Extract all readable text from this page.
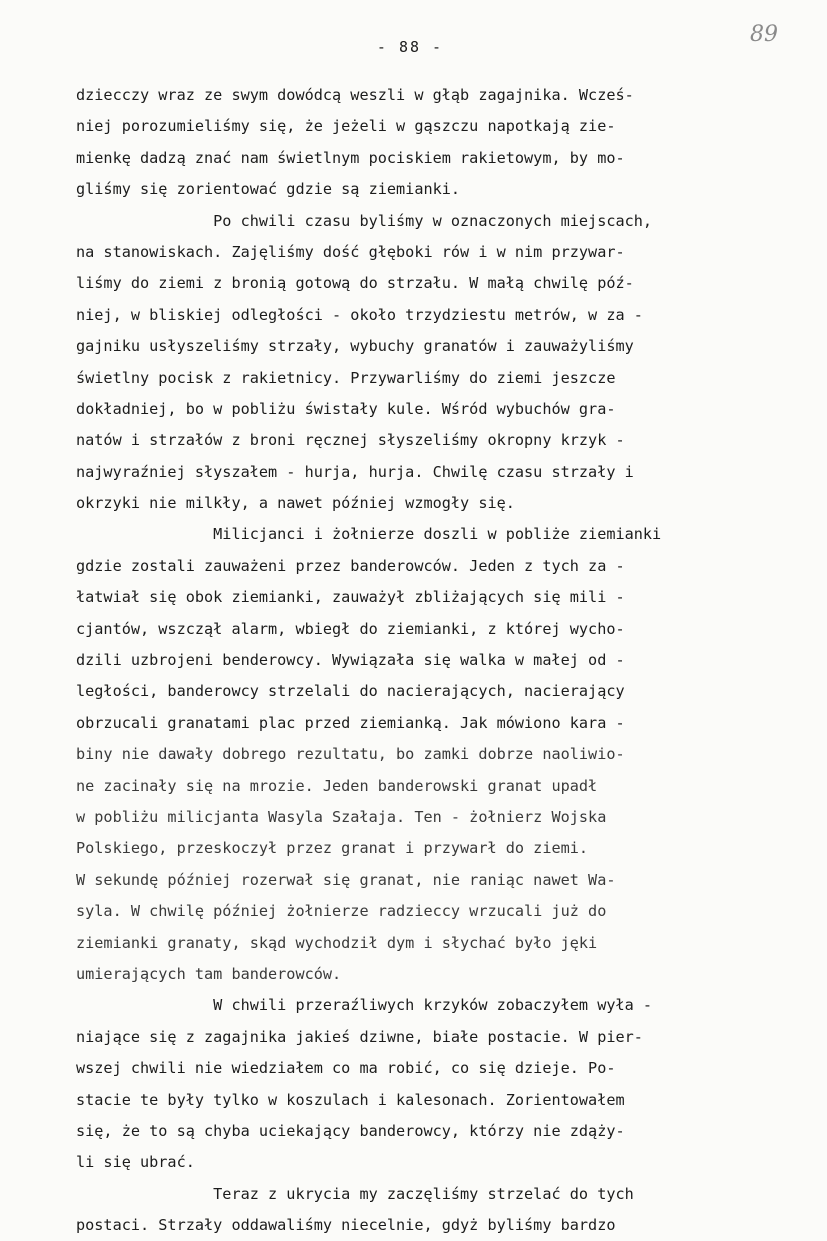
- 88 -	89
dziecczy wraz ze swym dowódcą weszli w głąb zagajnika. Wcześ-
niej porozumieliśmy się, że jeżeli w gąszczu napotkają zie-
mienkę dadzą znać nam świetlnym pociskiem rakietowym, by mo-
gliśmy się zorientować gdzie są ziemianki.
Po chwili czasu byliśmy w oznaczonych miejscach,
na stanowiskach. Zajęliśmy dość głęboki rów i w nim przywar-
liśmy do ziemi z bronią gotową do strzału. W małą chwilę póź-
niej, w bliskiej odległości - około trzydziestu metrów, w za -
gajniku usłyszeliśmy strzały, wybuchy granatów i zauważyliśmy
świetlny pocisk z rakietnicy. Przywarliśmy do ziemi jeszcze
dokładniej, bo w pobliżu świstały kule. Wśród wybuchów gra-
natów i strzałów z broni ręcznej słyszeliśmy okropny krzyk -
najwyraźniej słyszałem - hurja, hurja. Chwilę czasu strzały i
okrzyki nie milkły, a nawet później wzmogły się.
Milicjanci i żołnierze doszli w pobliże ziemianki
gdzie zostali zauważeni przez banderowców. Jeden z tych za -
łatwiał się obok ziemianki, zauważył zbliżających się mili -
cjantów, wszczął alarm, wbiegł do ziemianki, z której wycho-
dzili uzbrojeni benderowcy. Wywiązała się walka w małej od -
ległości, banderowcy strzelali do nacierających, nacierający
obrzucali granatami plac przed ziemianką. Jak mówiono kara -
biny nie dawały dobrego rezultatu, bo zamki dobrze naoliwio-
ne zacinały się na mrozie. Jeden banderowski granat upadł
w pobliżu milicjanta Wasyla Szałaja. Ten - żołnierz Wojska
Polskiego, przeskoczył przez granat i przywarł do ziemi.
W sekundę później rozerwał się granat, nie raniąc nawet Wa-
syla. W chwilę później żołnierze radzieccy wrzucali już do
ziemianki granaty, skąd wychodził dym i słychać było jęki
umierających tam banderowców.
W chwili przeraźliwych krzyków zobaczyłem wyła -
niające się z zagajnika jakieś dziwne, białe postacie. W pier-
wszej chwili nie wiedziałem co ma robić, co się dzieje. Po-
stacie te były tylko w koszulach i kalesonach. Zorientowałem
się, że to są chyba uciekający banderowcy, którzy nie zdąży-
li się ubrać.
Teraz z ukrycia my zaczęliśmy strzelać do tych
postaci. Strzały oddawaliśmy niecelnie, gdyż byliśmy bardzo
